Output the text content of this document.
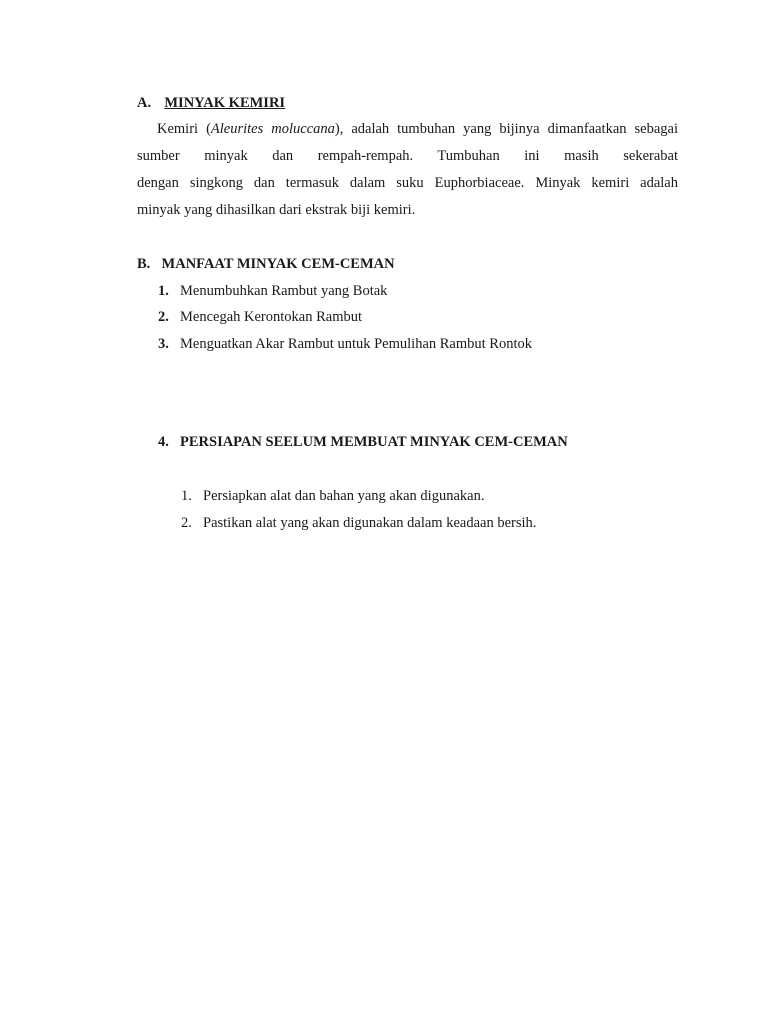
A. MINYAK KEMIRI
Kemiri (Aleurites moluccana), adalah tumbuhan yang bijinya dimanfaatkan sebagai
sumber minyak dan rempah-rempah. Tumbuhan ini masih sekerabat
dengan singkong dan termasuk dalam suku Euphorbiaceae. Minyak kemiri adalah
minyak yang dihasilkan dari ekstrak biji kemiri.
B. MANFAAT MINYAK CEM-CEMAN
1. Menumbuhkan Rambut yang Botak
2. Mencegah Kerontokan Rambut
3. Menguatkan Akar Rambut untuk Pemulihan Rambut Rontok
4. PERSIAPAN SEELUM MEMBUAT MINYAK CEM-CEMAN
1. Persiapkan alat dan bahan yang akan digunakan.
2. Pastikan alat yang akan digunakan dalam keadaan bersih.
